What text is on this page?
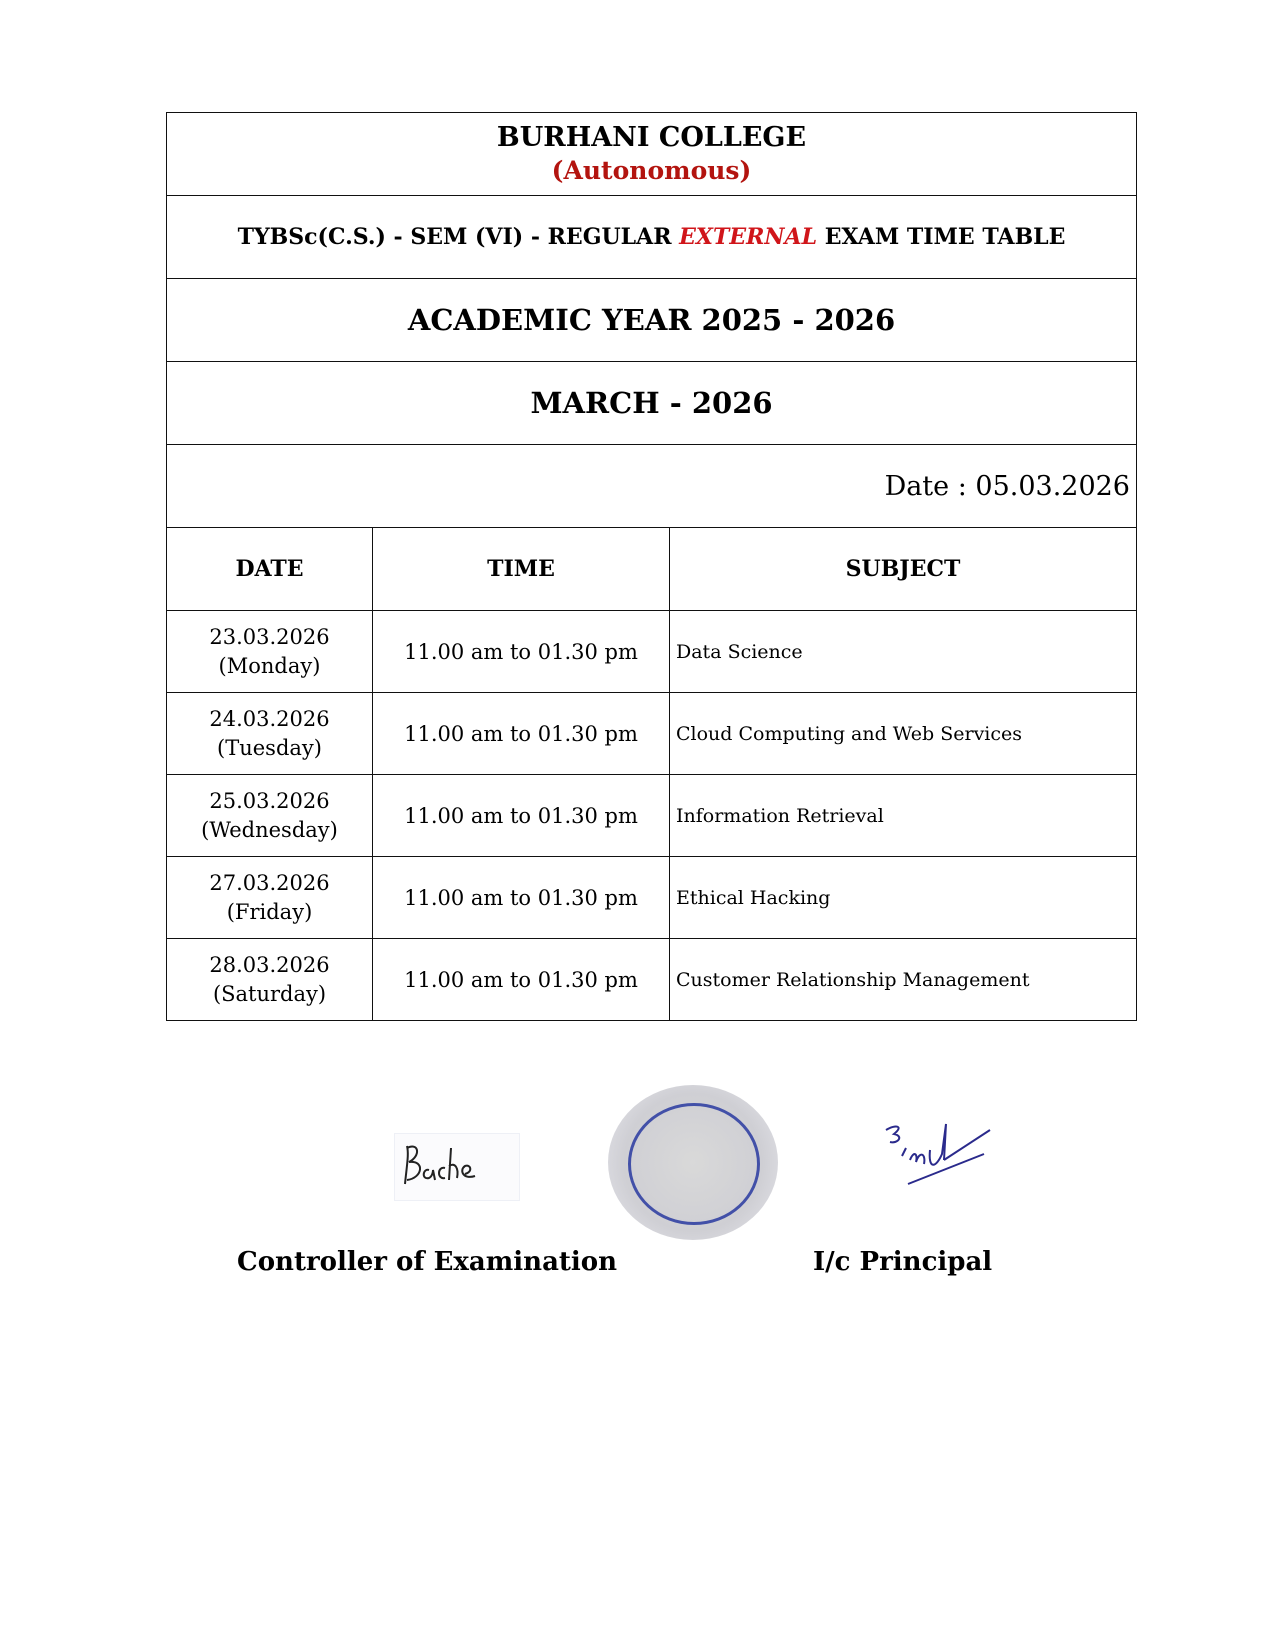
BURHANI COLLEGE
(Autonomous)		

TYBSc(C.S.) - SEM (VI) - REGULAR EXTERNAL EXAM TIME TABLE		
ACADEMIC YEAR 2025 - 2026		
MARCH - 2026		
Date : 05.03.2026		
DATE	TIME	SUBJECT

23.03.2026
(Monday)	11.00 am to 01.30 pm	Data Science

24.03.2026
(Tuesday)	11.00 am to 01.30 pm	Cloud Computing and Web Services

25.03.2026
(Wednesday)	11.00 am to 01.30 pm	Information Retrieval

27.03.2026
(Friday)	11.00 am to 01.30 pm	Ethical Hacking

28.03.2026
(Saturday)	11.00 am to 01.30 pm	Customer Relationship Management
Controller of Examination	I/c Principal
